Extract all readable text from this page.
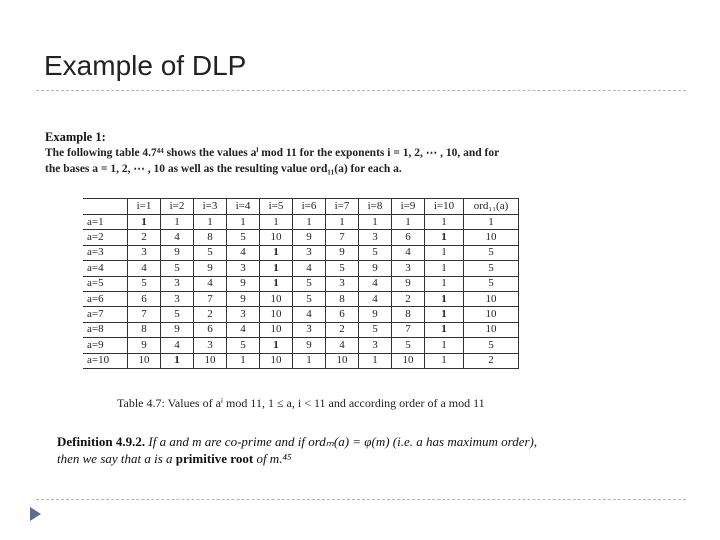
Example of DLP
Example 1:
The following table 4.7⁴⁴ shows the values aⁱ mod 11 for the exponents i = 1, 2, ⋯ , 10, and for
the bases a = 1, 2, ⋯ , 10 as well as the resulting value ord₁₁(a) for each a.
	i=1	i=2	i=3	i=4	i=5	i=6	i=7	i=8	i=9	i=10	ord₁₁(a)
a=1	1	1	1	1	1	1	1	1	1	1	1
a=2	2	4	8	5	10	9	7	3	6	1	10
a=3	3	9	5	4	1	3	9	5	4	1	5
a=4	4	5	9	3	1	4	5	9	3	1	5
a=5	5	3	4	9	1	5	3	4	9	1	5
a=6	6	3	7	9	10	5	8	4	2	1	10
a=7	7	5	2	3	10	4	6	9	8	1	10
a=8	8	9	6	4	10	3	2	5	7	1	10
a=9	9	4	3	5	1	9	4	3	5	1	5
a=10	10	1	10	1	10	1	10	1	10	1	2
Table 4.7: Values of aⁱ mod 11, 1 ≤ a, i < 11 and according order of a mod 11
Definition 4.9.2. If a and m are co-prime and if ordₘ(a) = φ(m) (i.e. a has maximum order),
then we say that a is a primitive root of m.⁴⁵
